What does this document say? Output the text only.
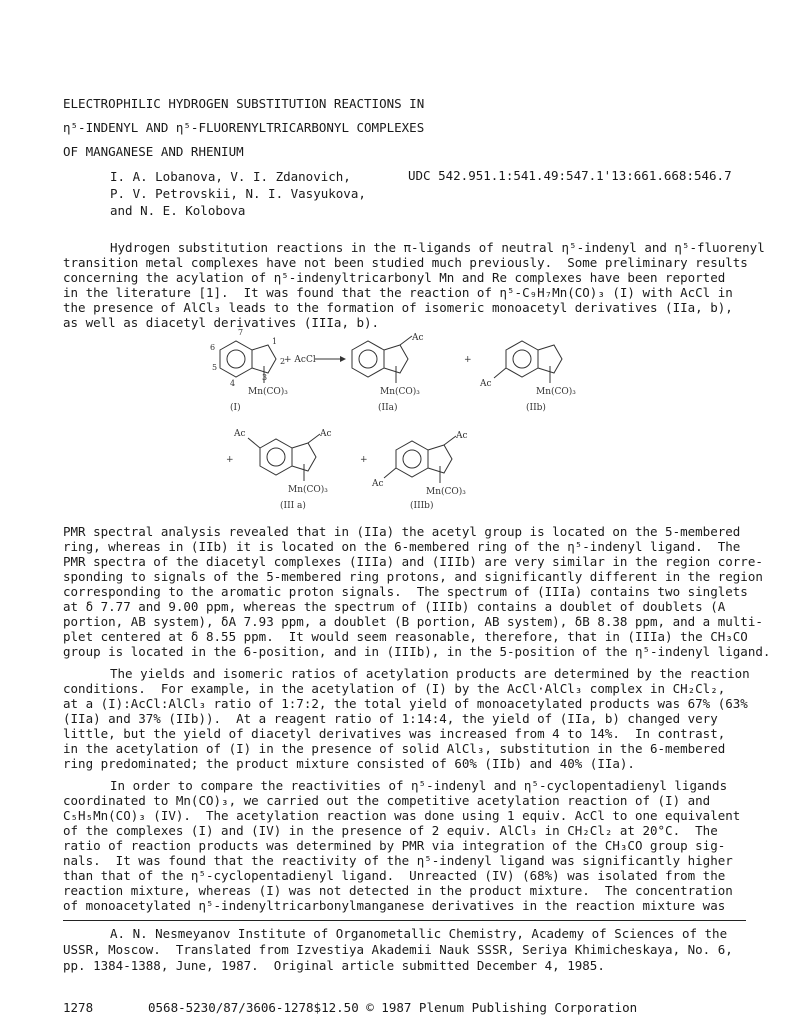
ELECTROPHILIC HYDROGEN SUBSTITUTION REACTIONS IN
η⁵-INDENYL AND η⁵-FLUORENYLTRICARBONYL COMPLEXES
OF MANGANESE AND RHENIUM
I. A. Lobanova, V. I. Zdanovich,
P. V. Petrovskii, N. I. Vasyukova,
and N. E. Kolobova
UDC 542.951.1:541.49:547.1'13:661.668:546.7
Hydrogen substitution reactions in the π-ligands of neutral η⁵-indenyl and η⁵-fluorenyl
transition metal complexes have not been studied much previously.  Some preliminary results
concerning the acylation of η⁵-indenyltricarbonyl Mn and Re complexes have been reported
in the literature [1].  It was found that the reaction of η⁵-C₉H₇Mn(CO)₃ (I) with AcCl in
the presence of AlCl₃ leads to the formation of isomeric monoacetyl derivatives (IIa, b),
as well as diacetyl derivatives (IIIa, b).
7
1
2
3
4
5
6
Mn(CO)₃
(I)
+ AcCl
Ac
Mn(CO)₃
(IIa)
+
Ac
Mn(CO)₃
(IIb)
+
Ac	Ac
Mn(CO)₃
(III a)
+
Ac
Ac
Mn(CO)₃
(IIIb)
PMR spectral analysis revealed that in (IIa) the acetyl group is located on the 5-membered
ring, whereas in (IIb) it is located on the 6-membered ring of the η⁵-indenyl ligand.  The
PMR spectra of the diacetyl complexes (IIIa) and (IIIb) are very similar in the region corre-
sponding to signals of the 5-membered ring protons, and significantly different in the region
corresponding to the aromatic proton signals.  The spectrum of (IIIa) contains two singlets
at δ 7.77 and 9.00 ppm, whereas the spectrum of (IIIb) contains a doublet of doublets (A
portion, AB system), δA 7.93 ppm, a doublet (B portion, AB system), δB 8.38 ppm, and a multi-
plet centered at δ 8.55 ppm.  It would seem reasonable, therefore, that in (IIIa) the CH₃CO
group is located in the 6-position, and in (IIIb), in the 5-position of the η⁵-indenyl ligand.
The yields and isomeric ratios of acetylation products are determined by the reaction
conditions.  For example, in the acetylation of (I) by the AcCl·AlCl₃ complex in CH₂Cl₂,
at a (I):AcCl:AlCl₃ ratio of 1:7:2, the total yield of monoacetylated products was 67% (63%
(IIa) and 37% (IIb)).  At a reagent ratio of 1:14:4, the yield of (IIa, b) changed very
little, but the yield of diacetyl derivatives was increased from 4 to 14%.  In contrast,
in the acetylation of (I) in the presence of solid AlCl₃, substitution in the 6-membered
ring predominated; the product mixture consisted of 60% (IIb) and 40% (IIa).
In order to compare the reactivities of η⁵-indenyl and η⁵-cyclopentadienyl ligands
coordinated to Mn(CO)₃, we carried out the competitive acetylation reaction of (I) and
C₅H₅Mn(CO)₃ (IV).  The acetylation reaction was done using 1 equiv. AcCl to one equivalent
of the complexes (I) and (IV) in the presence of 2 equiv. AlCl₃ in CH₂Cl₂ at 20°C.  The
ratio of reaction products was determined by PMR via integration of the CH₃CO group sig-
nals.  It was found that the reactivity of the η⁵-indenyl ligand was significantly higher
than that of the η⁵-cyclopentadienyl ligand.  Unreacted (IV) (68%) was isolated from the
reaction mixture, whereas (I) was not detected in the product mixture.  The concentration
of monoacetylated η⁵-indenyltricarbonylmanganese derivatives in the reaction mixture was
A. N. Nesmeyanov Institute of Organometallic Chemistry, Academy of Sciences of the
USSR, Moscow.  Translated from Izvestiya Akademii Nauk SSSR, Seriya Khimicheskaya, No. 6,
pp. 1384-1388, June, 1987.  Original article submitted December 4, 1985.
1278	0568-5230/87/3606-1278$12.50 © 1987 Plenum Publishing Corporation
